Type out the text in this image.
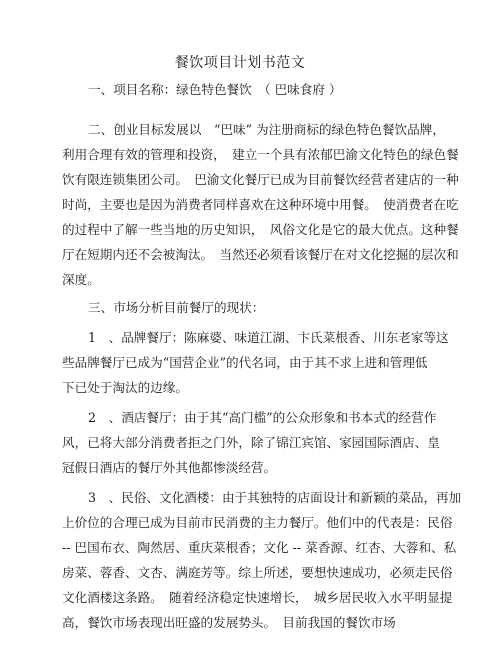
餐饮项目计划书范文
一、项目名称：绿色特色餐饮　（ 巴味食府 ）
二、创业目标发展以　“巴味” 为注册商标的绿色特色餐饮品牌，
利用合理有效的管理和投资，　建立一个具有浓郁巴渝文化特色的绿色餐
饮有限连锁集团公司。　巴渝文化餐厅已成为目前餐饮经营者建店的一种
时尚，主要也是因为消费者同样喜欢在这种环境中用餐。　使消费者在吃
的过程中了解一些当地的历史知识，　风俗文化是它的最大优点。这种餐
厅在短期内还不会被淘汰。　当然还必须看该餐厅在对文化挖掘的层次和
深度。
三、市场分析目前餐厅的现状：
1　、品牌餐厅：陈麻婆、味道江湖、卞氏菜根香、川东老家等这
些品牌餐厅已成为“国营企业”的代名词，由于其不求上进和管理低
下已处于淘汰的边缘。
2　、酒店餐厅：由于其“高门槛”的公众形象和书本式的经营作
风，已将大部分消费者拒之门外，除了锦江宾馆、家园国际酒店、皇
冠假日酒店的餐厅外其他都惨淡经营。
3　、民俗、文化酒楼：由于其独特的店面设计和新颖的菜品，再加
上价位的合理已成为目前市民消费的主力餐厅。他们中的代表是：民俗
-- 巴国布衣、陶然居、重庆菜根香；文化 -- 菜香源、红杏、大蓉和、私
房菜、蓉香、文杏、满庭芳等。综上所述，要想快速成功，必须走民俗
文化酒楼这条路。　随着经济稳定快速增长，　城乡居民收入水平明显提
高，餐饮市场表现出旺盛的发展势头。　目前我国的餐饮市场
